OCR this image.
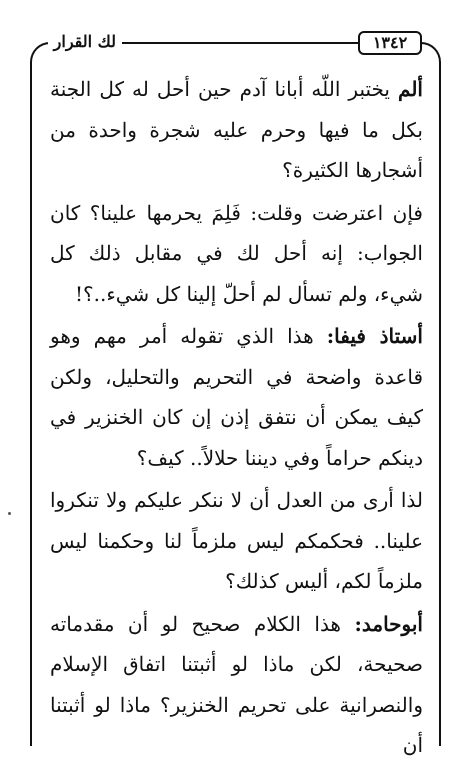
لك القرار	١٣٤٢

ألم يختبر اللّه أبانا آدم حين أحل له كل الجنة بكل ما فيها وحرم عليه شجرة واحدة من أشجارها الكثيرة؟

فإن اعترضت وقلت: فَلِمَ يحرمها علينا؟ كان الجواب: إنه أحل لك في مقابل ذلك كل شيء، ولم تسأل لم أحلّ إلينا كل شيء..؟!

أستاذ فيفا: هذا الذي تقوله أمر مهم وهو قاعدة واضحة في التحريم والتحليل، ولكن كيف يمكن أن نتفق إذن إن كان الخنزير في دينكم حراماً وفي ديننا حلالاً.. كيف؟

لذا أرى من العدل أن لا ننكر عليكم ولا تنكروا علينا.. فحكمكم ليس ملزماً لنا وحكمنا ليس ملزماً لكم، أليس كذلك؟

أبوحامد: هذا الكلام صحيح لو أن مقدماته صحيحة، لكن ماذا لو أثبتنا اتفاق الإسلام والنصرانية على تحريم الخنزير؟ ماذا لو أثبتنا أن
